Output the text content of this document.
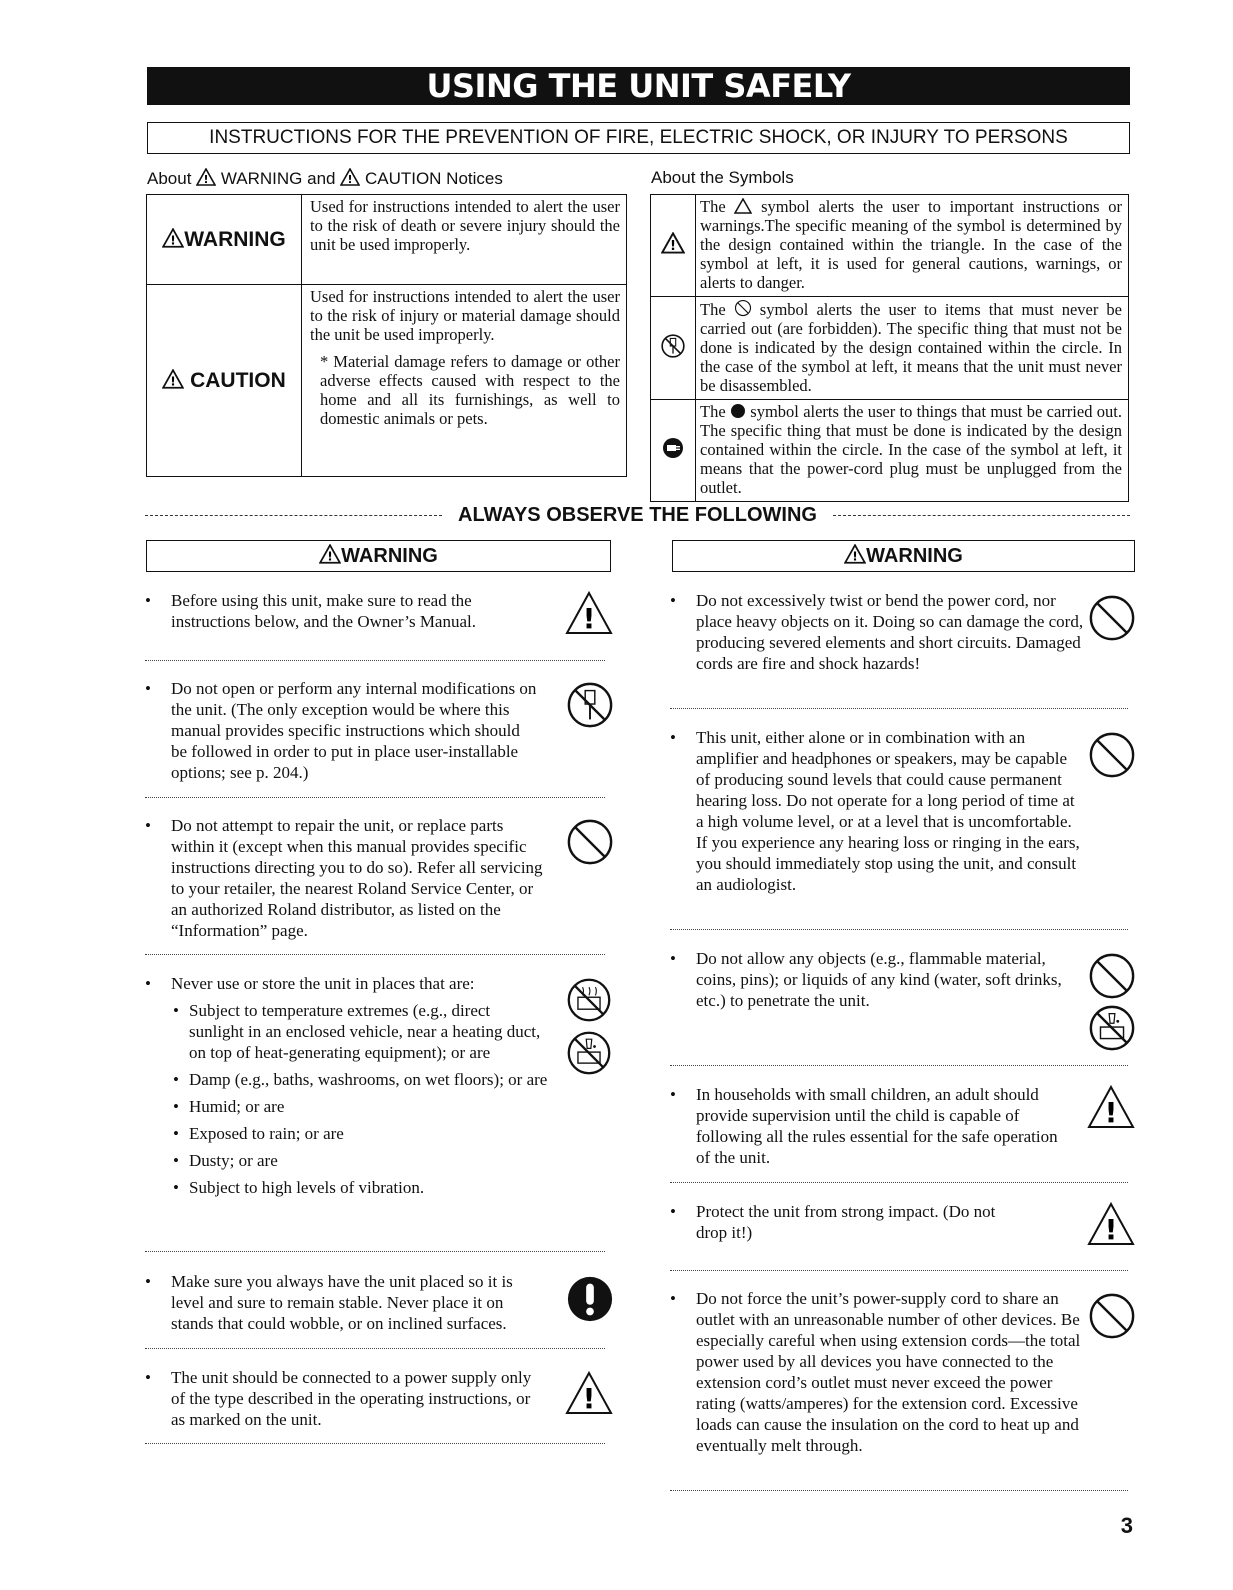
USING THE UNIT SAFELY
INSTRUCTIONS FOR THE PREVENTION OF FIRE, ELECTRIC SHOCK, OR INJURY TO PERSONS
About  WARNING and  CAUTION Notices	About the Symbols
WARNING	Used for instructions intended to alert the user to the risk of death or severe injury should the unit be used improperly.
CAUTION	Used for instructions intended to alert the user to the risk of injury or material damage should the unit be used improperly.
* Material damage refers to damage or other adverse effects caused with respect to the home and all its furnishings, as well to domestic animals or pets.
	The  symbol alerts the user to important instructions or warnings.The specific meaning of the symbol is determined by the design contained within the triangle. In the case of the symbol at left, it is used for general cautions, warnings, or alerts to danger.
	The  symbol alerts the user to items that must never be carried out (are forbidden). The specific thing that must not be done is indicated by the design contained within the circle. In the case of the symbol at left, it means that the unit must never be disassembled.
	The  symbol alerts the user to things that must be carried out. The specific thing that must be done is indicated by the design contained within the circle. In the case of the symbol at left, it means that the power-cord plug must be unplugged from the outlet.
ALWAYS OBSERVE THE FOLLOWING
WARNING	WARNING
• Before using this unit, make sure to read the instructions below, and the Owner’s Manual.
• Do not open or perform any internal modifications on the unit. (The only exception would be where this manual provides specific instructions which should be followed in order to put in place user-installable options; see p. 204.)
• Do not attempt to repair the unit, or replace parts within it (except when this manual provides specific instructions directing you to do so). Refer all servicing to your retailer, the nearest Roland Service Center, or an authorized Roland distributor, as listed on the “Information” page.
• Never use or store the unit in places that are:
• Subject to temperature extremes (e.g., direct sunlight in an enclosed vehicle, near a heating duct, on top of heat-generating equipment); or are
• Damp (e.g., baths, washrooms, on wet floors); or are
• Humid; or are
• Exposed to rain; or are
• Dusty; or are
• Subject to high levels of vibration.
• Make sure you always have the unit placed so it is level and sure to remain stable. Never place it on stands that could wobble, or on inclined surfaces.
• The unit should be connected to a power supply only of the type described in the operating instructions, or as marked on the unit.
• Do not excessively twist or bend the power cord, nor place heavy objects on it. Doing so can damage the cord, producing severed elements and short circuits. Damaged cords are fire and shock hazards!
• This unit, either alone or in combination with an amplifier and headphones or speakers, may be capable of producing sound levels that could cause permanent hearing loss. Do not operate for a long period of time at a high volume level, or at a level that is uncomfortable. If you experience any hearing loss or ringing in the ears, you should immediately stop using the unit, and consult an audiologist.
• Do not allow any objects (e.g., flammable material, coins, pins); or liquids of any kind (water, soft drinks, etc.) to penetrate the unit.
• In households with small children, an adult should provide supervision until the child is capable of following all the rules essential for the safe operation of the unit.
• Protect the unit from strong impact. (Do not drop it!)
• Do not force the unit’s power-supply cord to share an outlet with an unreasonable number of other devices. Be especially careful when using extension cords—the total power used by all devices you have connected to the extension cord’s outlet must never exceed the power rating (watts/amperes) for the extension cord. Excessive loads can cause the insulation on the cord to heat up and eventually melt through.
3
